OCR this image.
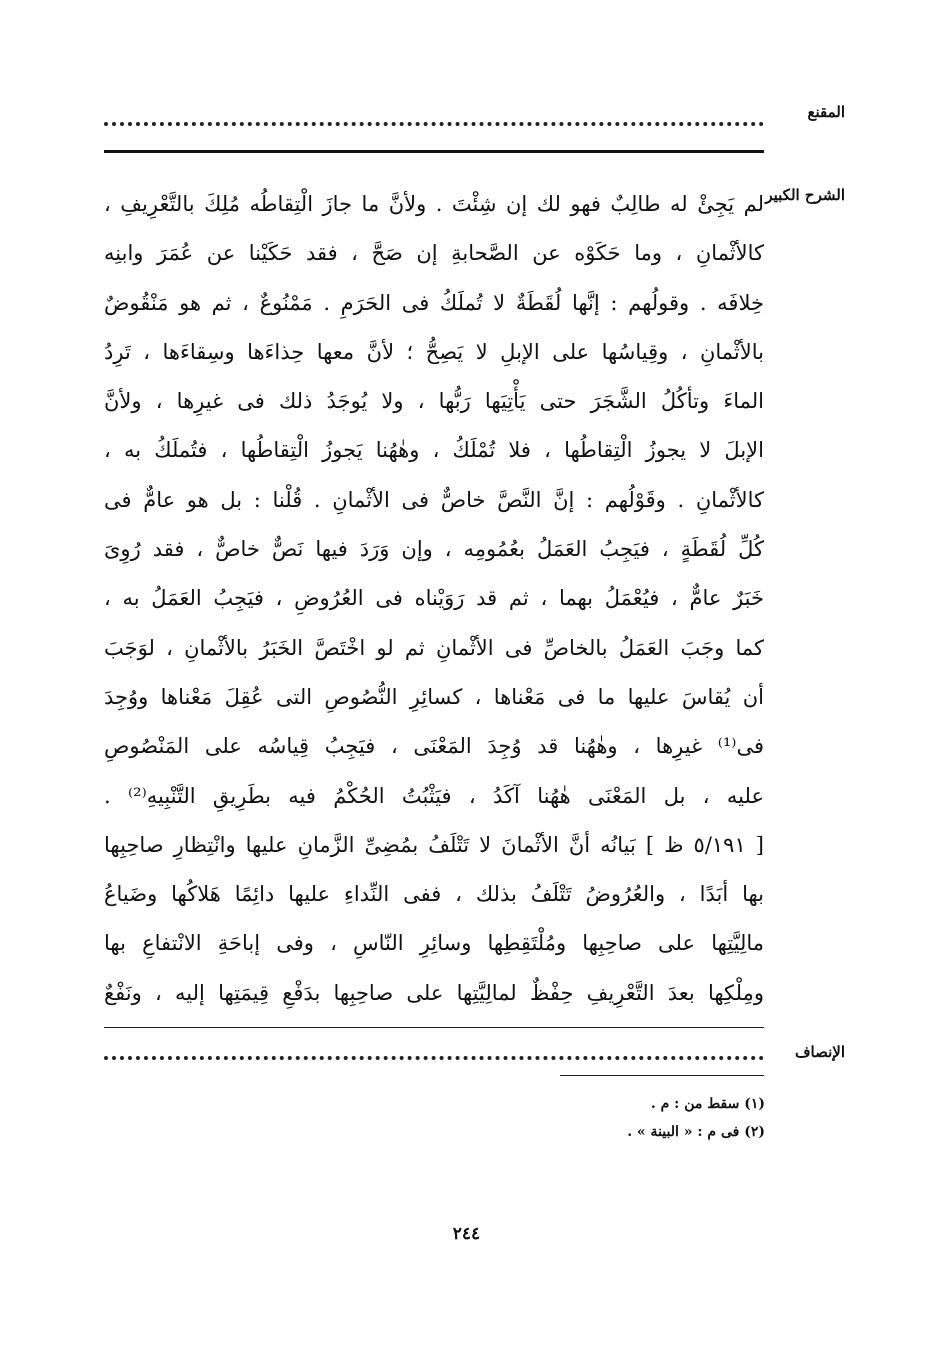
المقنع
الشرح الكبير
لم يَجِئْ له طالِبٌ فهو لك إن شِئْتَ . ولأنَّ ما جازَ الْتِقاطُه مُلِكَ بالتَّعْرِيفِ ،
كالأثْمانِ ، وما حَكَوْه عن الصَّحابةِ إن صَحَّ ، فقد حَكَيْنا عن عُمَرَ وابنِه
خِلافَه . وقولُهم : إنَّها لُقَطَةٌ لا تُملَكُ فى الحَرَمِ . مَمْنُوعٌ ، ثم هو مَنْقُوضٌ
بالأثْمانِ ، وقِياسُها على الإبلِ لا يَصِحُّ ؛ لأنَّ معها حِذاءَها وسِقاءَها ، تَرِدُ
الماءَ وتأكُلُ الشَّجَرَ حتى يَأْتِيَها رَبُّها ، ولا يُوجَدُ ذلك فى غيرِها ، ولأنَّ
الإبلَ لا يجوزُ الْتِقاطُها ، فلا تُمْلَكُ ، وهٰهُنا يَجوزُ الْتِقاطُها ، فتُملَكُ به ،
كالأثْمانِ . وقَوْلُهم : إنَّ النَّصَّ خاصٌّ فى الأثْمانِ . قُلْنا : بل هو عامٌّ فى
كُلِّ لُقَطَةٍ ، فيَجِبُ العَمَلُ بعُمُومِه ، وإن وَرَدَ فيها نَصٌّ خاصٌّ ، فقد رُوِىَ
خَبَرٌ عامٌّ ، فيُعْمَلُ بهما ، ثم قد رَوَيْناه فى العُرُوضِ ، فيَجِبُ العَمَلُ به ،
كما وجَبَ العَمَلُ بالخاصِّ فى الأثْمانِ ثم لو اخْتَصَّ الخَبَرُ بالأثْمانِ ، لوَجَبَ
أن يُقاسَ عليها ما فى مَعْناها ، كسائِرِ النُّصُوصِ التى عُقِلَ مَعْناها ووُجِدَ
فى⁽¹⁾ غيرِها ، وهٰهُنا قد وُجِدَ المَعْنَى ، فيَجِبُ قِياسُه على المَنْصُوصِ
عليه ، بل المَعْنَى هٰهُنا آكَدُ ، فيَثْبُتُ الحُكْمُ فيه بطَرِيقِ التَّنْبِيهِ⁽²⁾ .
[ ٥/١٩١ ظ ] بَيانُه أنَّ الأثْمانَ لا تَتْلَفُ بمُضِىِّ الزَّمانِ عليها وانْتِظارِ صاحِبِها
بها أبَدًا ، والعُرُوضُ تَتْلَفُ بذلك ، ففى النِّداءِ عليها دائِمًا هَلاكُها وضَياعُ
مالِيَّتِها على صاحِبِها ومُلْتَقِطِها وسائِرِ النّاسِ ، وفى إباحَةِ الانْتفاعِ بها
ومِلْكِها بعدَ التَّعْرِيفِ حِفْظٌ لمالِيَّتِها على صاحِبِها بدَفْعِ قِيمَتِها إليه ، ونَفْعٌ
الإنصاف
(١) سقط من : م .
(٢) فى م : « البينة » .
٢٤٤
